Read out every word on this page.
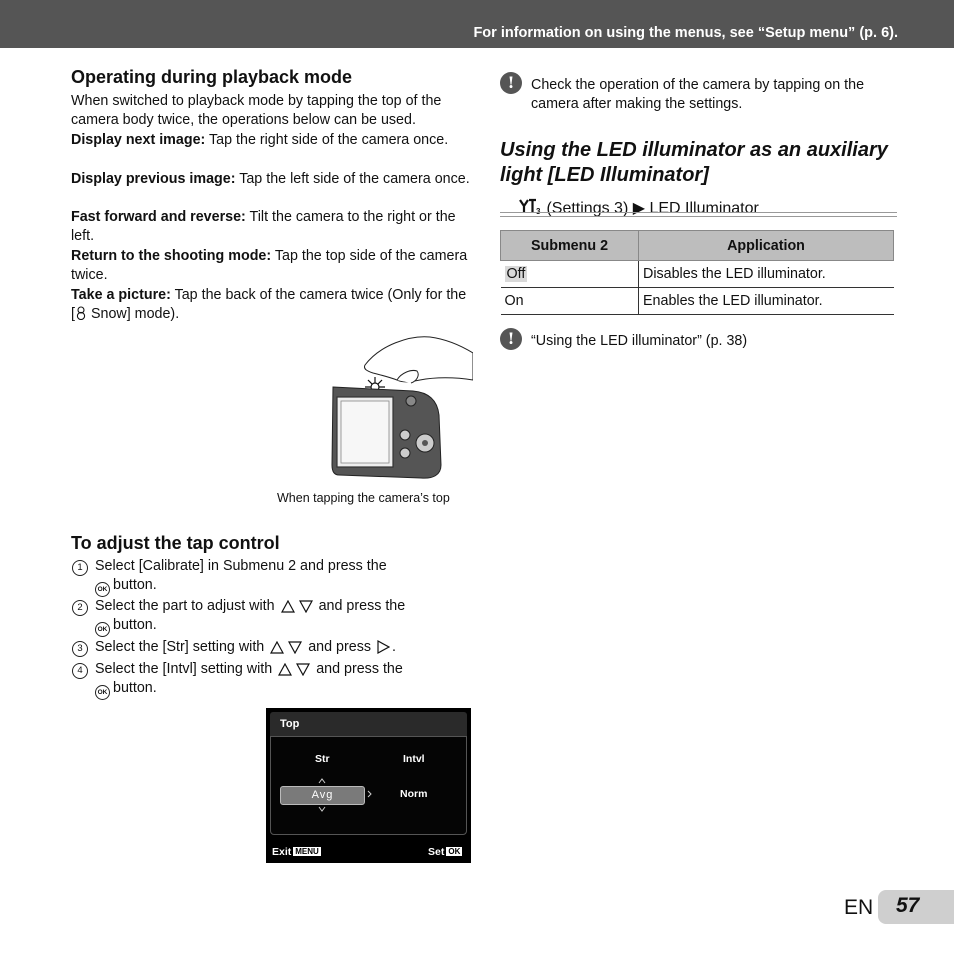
For information on using the menus, see “Setup menu” (p. 6).
Operating during playback mode
When switched to playback mode by tapping the top of the camera body twice, the operations below can be used.
Display next image: Tap the right side of the camera once.
Display previous image: Tap the left side of the camera once.
Fast forward and reverse: Tilt the camera to the right or the left.
Return to the shooting mode: Tap the top side of the camera twice.
Take a picture: Tap the back of the camera twice (Only for the [ Snow] mode).
When tapping the camera’s top
To adjust the tap control
1 Select [Calibrate] in Submenu 2 and press the
OK button.
2 Select the part to adjust with	and press the
OK button.
3 Select the [Str] setting with	and press .
4 Select the [Intvl] setting with	and press the
OK button.
Top
Str	Intvl
Avg	Norm
Exit MENU	Set OK
!	Check the operation of the camera by tapping on the camera after making the settings.
Using the LED illuminator as an auxiliary light [LED Illuminator]
3 (Settings 3) ▶ LED Illuminator
Submenu 2	Application
Off	Disables the LED illuminator.
On	Enables the LED illuminator.
!	“Using the LED illuminator” (p. 38)
EN 57
